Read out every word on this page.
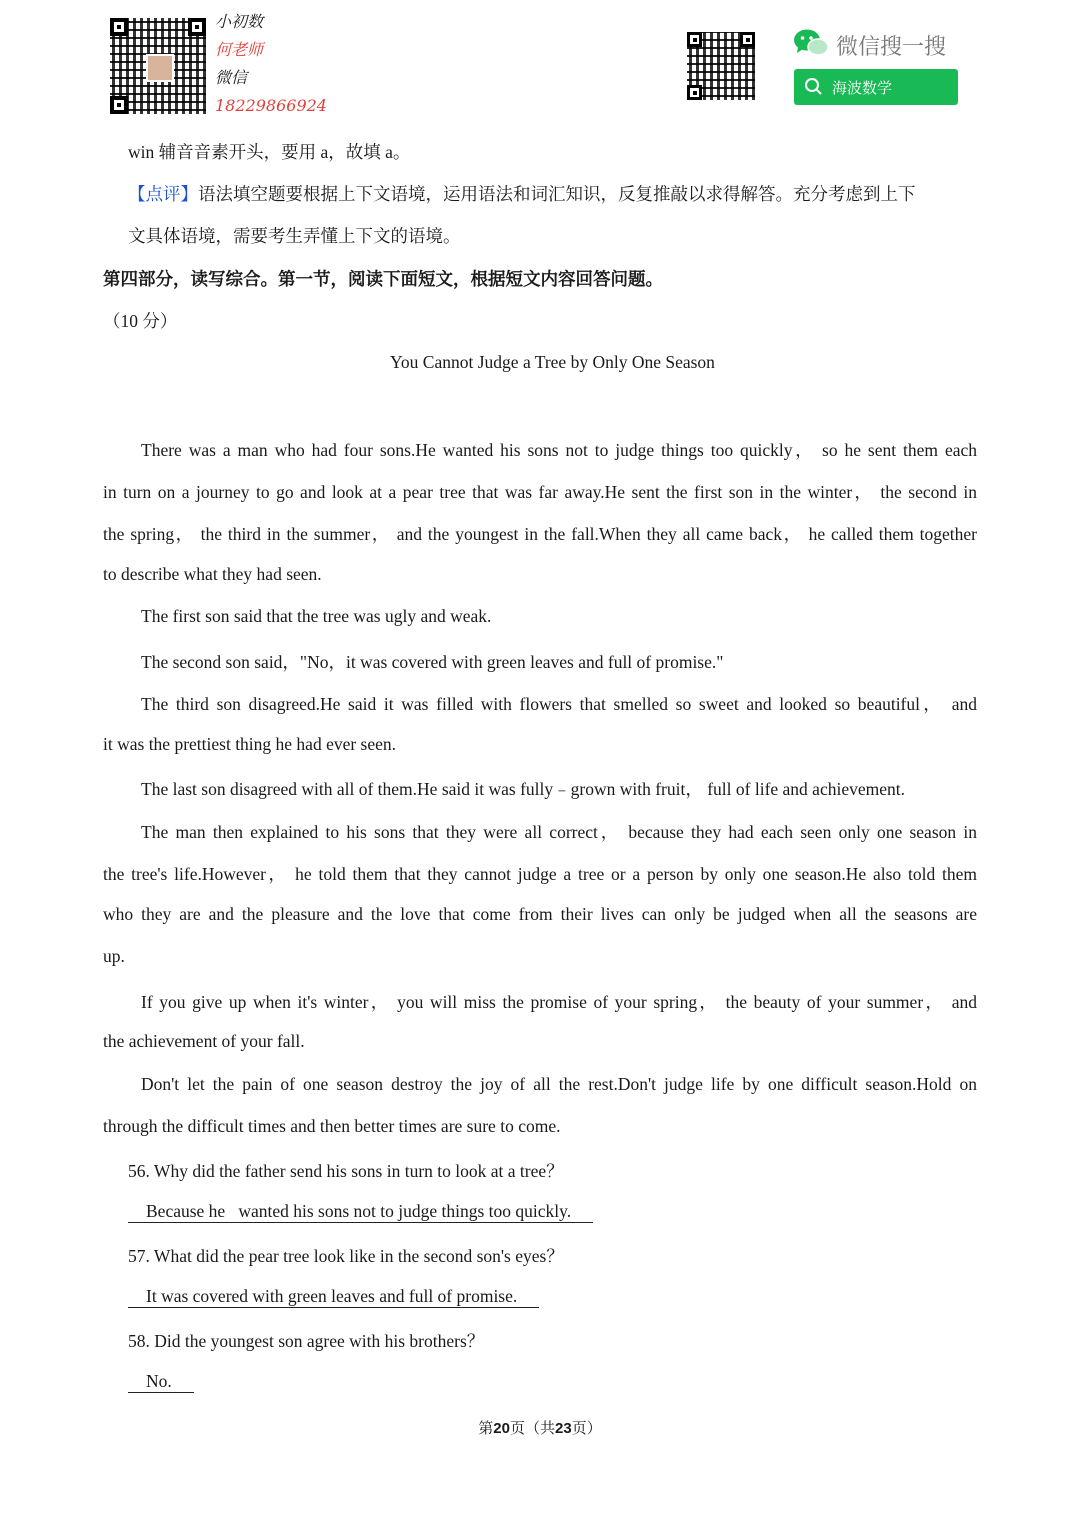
小初数
何老师
微信
18229866924
微信搜一搜
海波数学
win 辅音音素开头，要用 a，故填 a。
【点评】语法填空题要根据上下文语境，运用语法和词汇知识，反复推敲以求得解答。充分考虑到上下
文具体语境，需要考生弄懂上下文的语境。
第四部分，读写综合。第一节，阅读下面短文，根据短文内容回答问题。
（10 分）
You Cannot Judge a Tree by Only One Season
There was a man who had four sons.He wanted his sons not to judge things too quickly， so he sent them each
in turn on a journey to go and look at a pear tree that was far away.He sent the first son in the winter， the second in
the spring， the third in the summer， and the youngest in the fall.When they all came back， he called them together
to describe what they had seen.
The first son said that the tree was ugly and weak.
The second son said，"No，it was covered with green leaves and full of promise."
The third son disagreed.He said it was filled with flowers that smelled so sweet and looked so beautiful， and
it was the prettiest thing he had ever seen.
The last son disagreed with all of them.He said it was fully﹣grown with fruit， full of life and achievement.
The man then explained to his sons that they were all correct， because they had each seen only one season in
the tree's life.However， he told them that they cannot judge a tree or a person by only one season.He also told them
who they are and the pleasure and the love that come from their lives can only be judged when all the seasons are
up.
If you give up when it's winter， you will miss the promise of your spring， the beauty of your summer， and
the achievement of your fall.
Don't let the pain of one season destroy the joy of all the rest.Don't judge life by one difficult season.Hold on
through the difficult times and then better times are sure to come.
56. Why did the father send his sons in turn to look at a tree？
Because he   wanted his sons not to judge things too quickly.
57. What did the pear tree look like in the second son's eyes？
It was covered with green leaves and full of promise.
58. Did the youngest son agree with his brothers？
No.
第20页（共23页）
